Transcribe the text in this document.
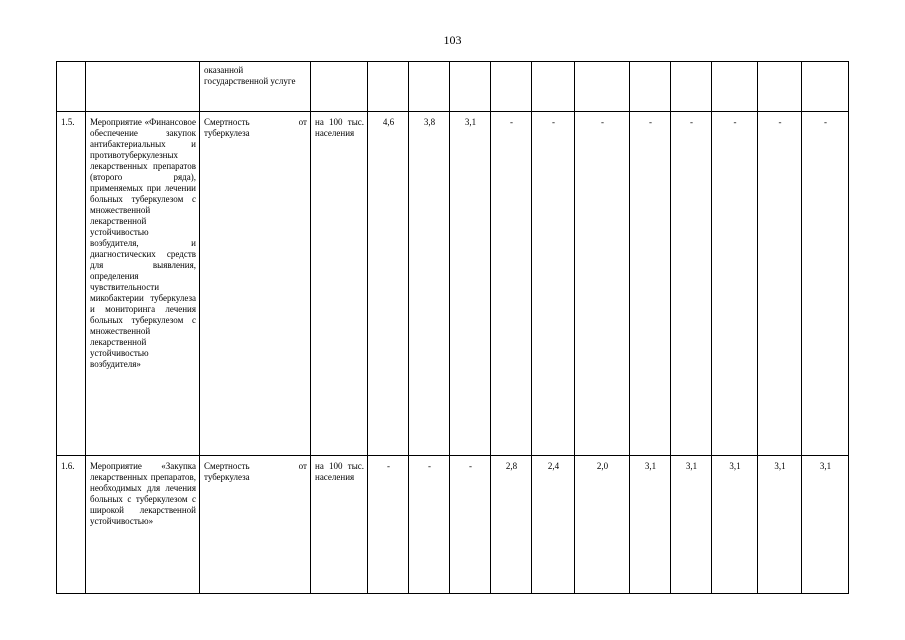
103
		оказанной государственной услуге												
1.5.	Мероприятие «Финансовое обеспечение закупок антибактериальных и противотуберкулезных лекарственных препаратов (второго ряда), применяемых при лечении больных туберкулезом с множественной лекарственной устойчивостью возбудителя, и диагностических средств для выявления, определения чувствительности микобактерии туберкулеза и мониторинга лечения больных туберкулезом с множественной лекарственной устойчивостью возбудителя»	Смертность от туберкулеза	на 100 тыс. населения	4,6	3,8	3,1	-	-	-	-	-	-	-	-
1.6.	Мероприятие «Закупка лекарственных препаратов, необходимых для лечения больных с туберкулезом с широкой лекарственной устойчивостью»	Смертность от туберкулеза	на 100 тыс. населения	-	-	-	2,8	2,4	2,0	3,1	3,1	3,1	3,1	3,1
